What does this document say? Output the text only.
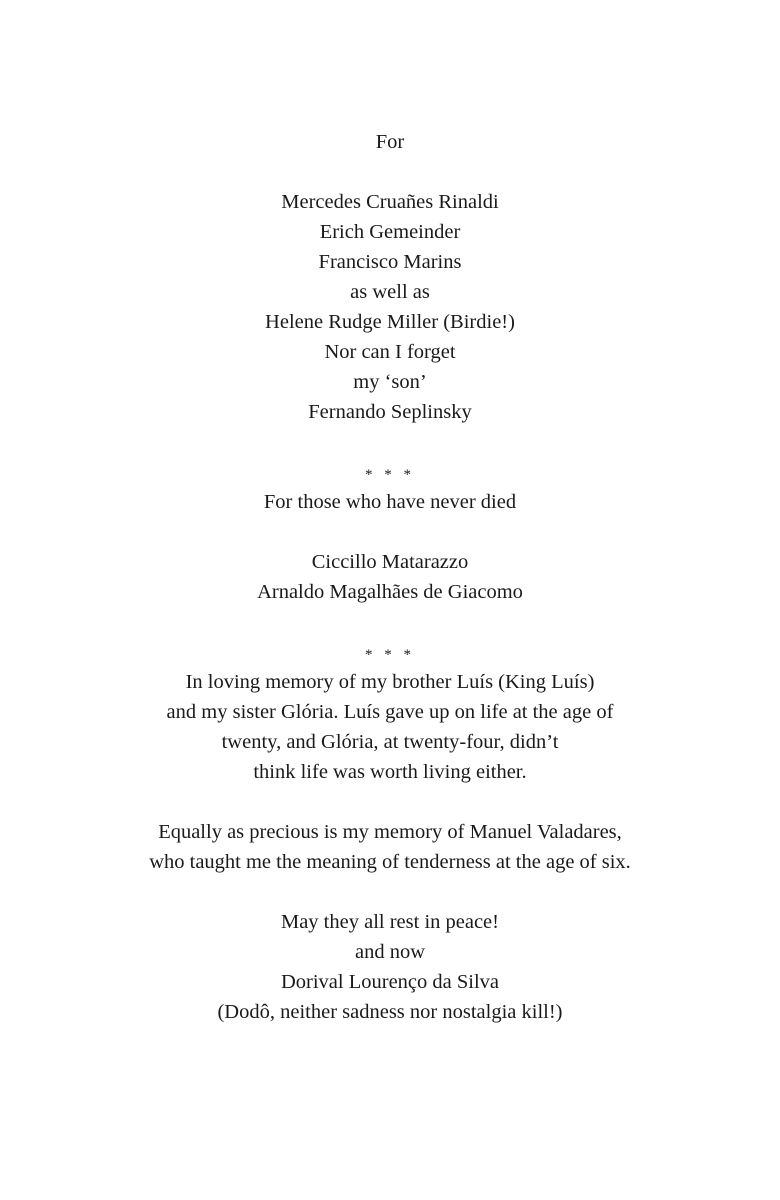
For
Mercedes Cruañes Rinaldi
Erich Gemeinder
Francisco Marins
as well as
Helene Rudge Miller (Birdie!)
Nor can I forget
my ‘son’
Fernando Seplinsky
* * *
For those who have never died
Ciccillo Matarazzo
Arnaldo Magalhães de Giacomo
* * *
In loving memory of my brother Luís (King Luís)
and my sister Glória. Luís gave up on life at the age of
twenty, and Glória, at twenty-four, didn’t
think life was worth living either.
Equally as precious is my memory of Manuel Valadares,
who taught me the meaning of tenderness at the age of six.
May they all rest in peace!
and now
Dorival Lourenço da Silva
(Dodô, neither sadness nor nostalgia kill!)
